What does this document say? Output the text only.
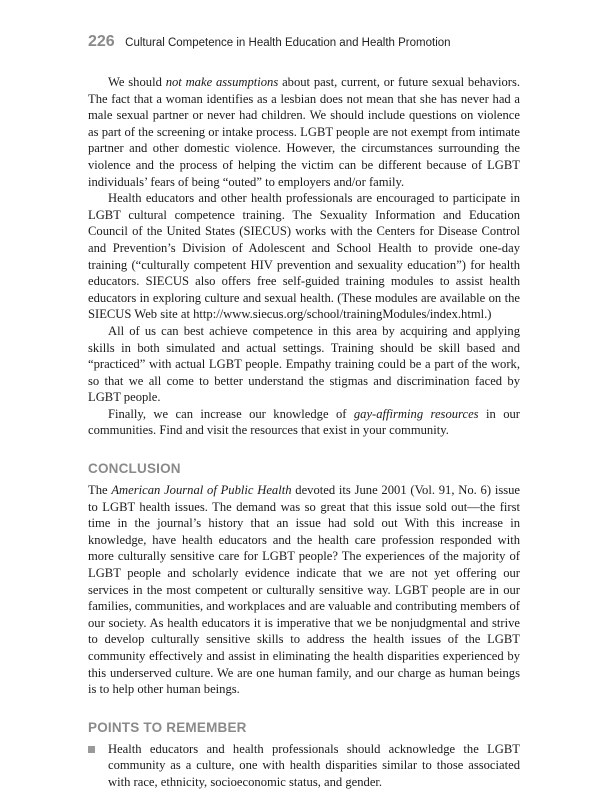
226 Cultural Competence in Health Education and Health Promotion

We should not make assumptions about past, current, or future sexual behaviors. The fact that a woman identifies as a lesbian does not mean that she has never had a male sexual partner or never had children. We should include questions on violence as part of the screening or intake process. LGBT people are not exempt from intimate partner and other domestic violence. However, the circumstances surrounding the violence and the process of helping the victim can be different because of LGBT individuals’ fears of being “outed” to employers and/or family.

Health educators and other health professionals are encouraged to participate in LGBT cultural competence training. The Sexuality Information and Education Council of the United States (SIECUS) works with the Centers for Disease Control and Prevention’s Division of Adolescent and School Health to provide one-day training (“culturally competent HIV prevention and sexuality education”) for health educators. SIECUS also offers free self-guided training modules to assist health educators in exploring culture and sexual health. (These modules are available on the SIECUS Web site at http://www.siecus.org/school/trainingModules/index.html.)

All of us can best achieve competence in this area by acquiring and applying skills in both simulated and actual settings. Training should be skill based and “practiced” with actual LGBT people. Empathy training could be a part of the work, so that we all come to better understand the stigmas and discrimination faced by LGBT people.

Finally, we can increase our knowledge of gay-affirming resources in our communities. Find and visit the resources that exist in your community.

CONCLUSION

The American Journal of Public Health devoted its June 2001 (Vol. 91, No. 6) issue to LGBT health issues. The demand was so great that this issue sold out—the first time in the journal’s history that an issue had sold out With this increase in knowledge, have health educators and the health care profession responded with more culturally sensitive care for LGBT people? The experiences of the majority of LGBT people and scholarly evidence indicate that we are not yet offering our services in the most competent or culturally sensitive way. LGBT people are in our families, communities, and workplaces and are valuable and contributing members of our society. As health educators it is imperative that we be nonjudgmental and strive to develop culturally sensitive skills to address the health issues of the LGBT community effectively and assist in eliminating the health disparities experienced by this underserved culture. We are one human family, and our charge as human beings is to help other human beings.

POINTS TO REMEMBER

Health educators and health professionals should acknowledge the LGBT community as a culture, one with health disparities similar to those associated with race, ethnicity, socioeconomic status, and gender.
